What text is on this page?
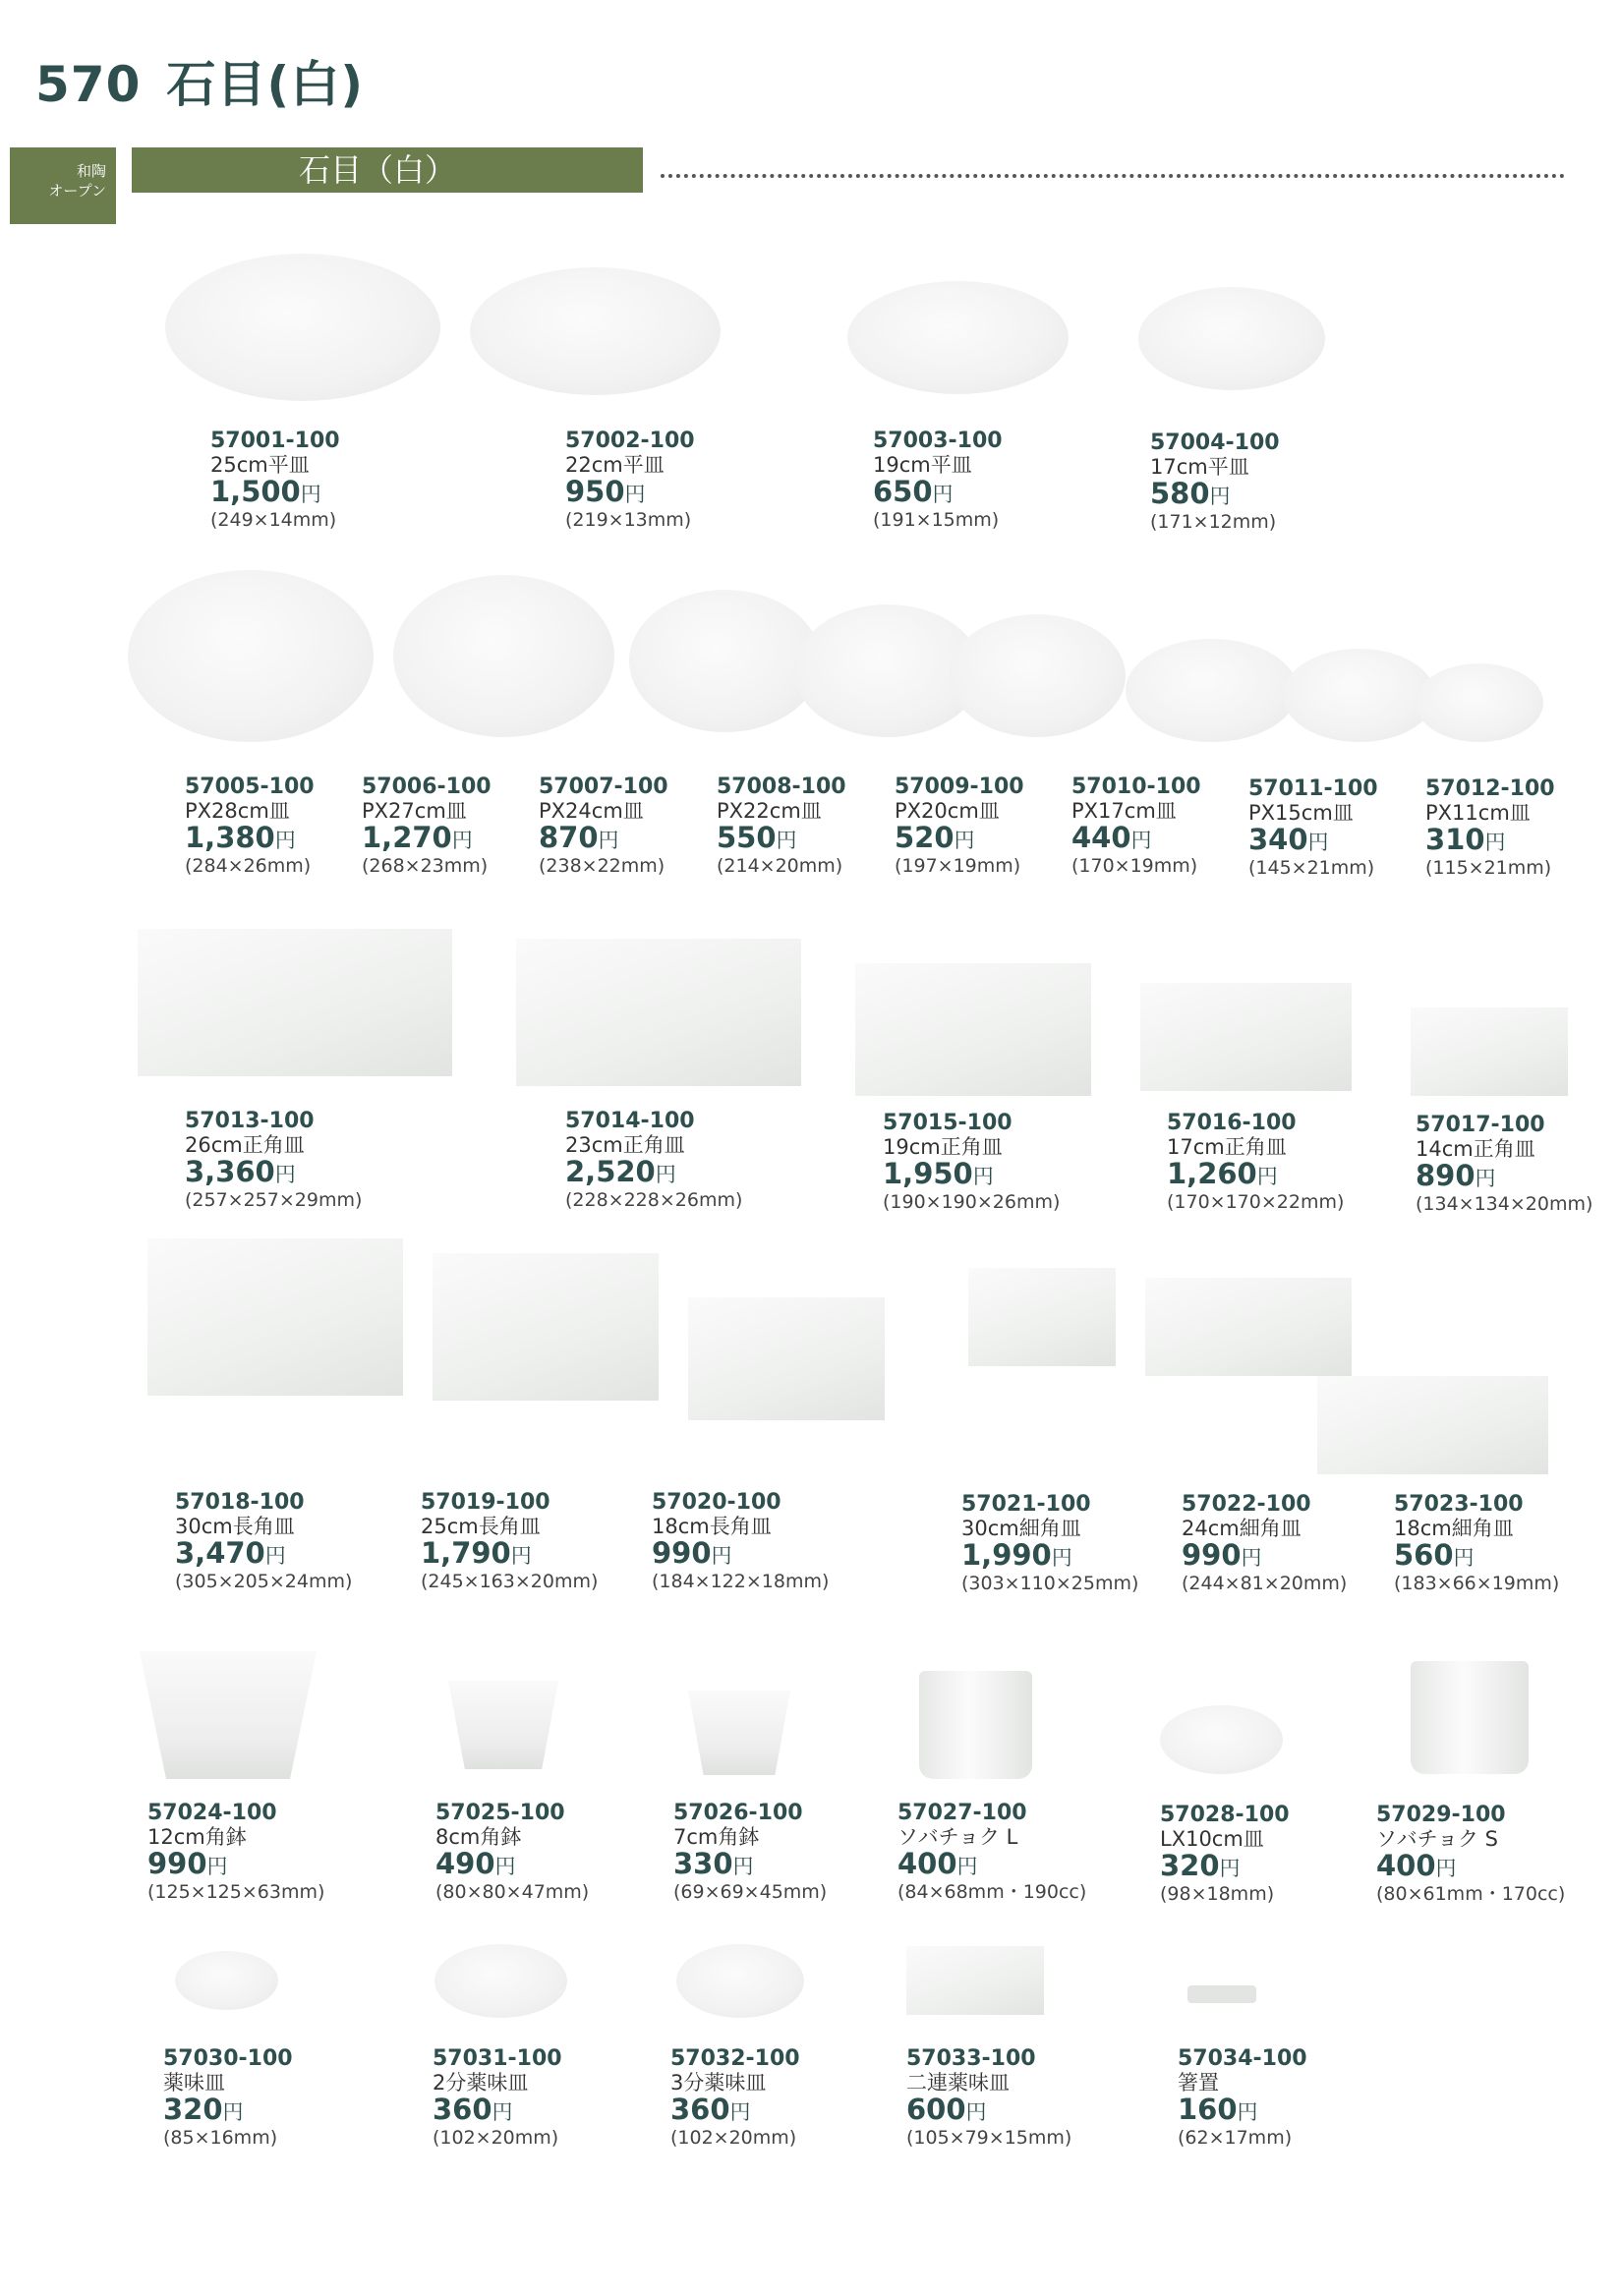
570 石目(白)
和陶
オープン
石目（白）
57001-100
25cm平皿
1,500円
(249×14mm)
57002-100
22cm平皿
950円
(219×13mm)
57003-100
19cm平皿
650円
(191×15mm)
57004-100
17cm平皿
580円
(171×12mm)
57005-100
PX28cm皿
1,380円
(284×26mm)
57006-100
PX27cm皿
1,270円
(268×23mm)
57007-100
PX24cm皿
870円
(238×22mm)
57008-100
PX22cm皿
550円
(214×20mm)
57009-100
PX20cm皿
520円
(197×19mm)
57010-100
PX17cm皿
440円
(170×19mm)
57011-100
PX15cm皿
340円
(145×21mm)
57012-100
PX11cm皿
310円
(115×21mm)
57013-100
26cm正角皿
3,360円
(257×257×29mm)
57014-100
23cm正角皿
2,520円
(228×228×26mm)
57015-100
19cm正角皿
1,950円
(190×190×26mm)
57016-100
17cm正角皿
1,260円
(170×170×22mm)
57017-100
14cm正角皿
890円
(134×134×20mm)
57018-100
30cm長角皿
3,470円
(305×205×24mm)
57019-100
25cm長角皿
1,790円
(245×163×20mm)
57020-100
18cm長角皿
990円
(184×122×18mm)
57021-100
30cm細角皿
1,990円
(303×110×25mm)
57022-100
24cm細角皿
990円
(244×81×20mm)
57023-100
18cm細角皿
560円
(183×66×19mm)
57024-100
12cm角鉢
990円
(125×125×63mm)
57025-100
8cm角鉢
490円
(80×80×47mm)
57026-100
7cm角鉢
330円
(69×69×45mm)
57027-100
ソバチョク L
400円
(84×68mm・190cc)
57028-100
LX10cm皿
320円
(98×18mm)
57029-100
ソバチョク S
400円
(80×61mm・170cc)
57030-100
薬味皿
320円
(85×16mm)
57031-100
2分薬味皿
360円
(102×20mm)
57032-100
3分薬味皿
360円
(102×20mm)
57033-100
二連薬味皿
600円
(105×79×15mm)
57034-100
箸置
160円
(62×17mm)
